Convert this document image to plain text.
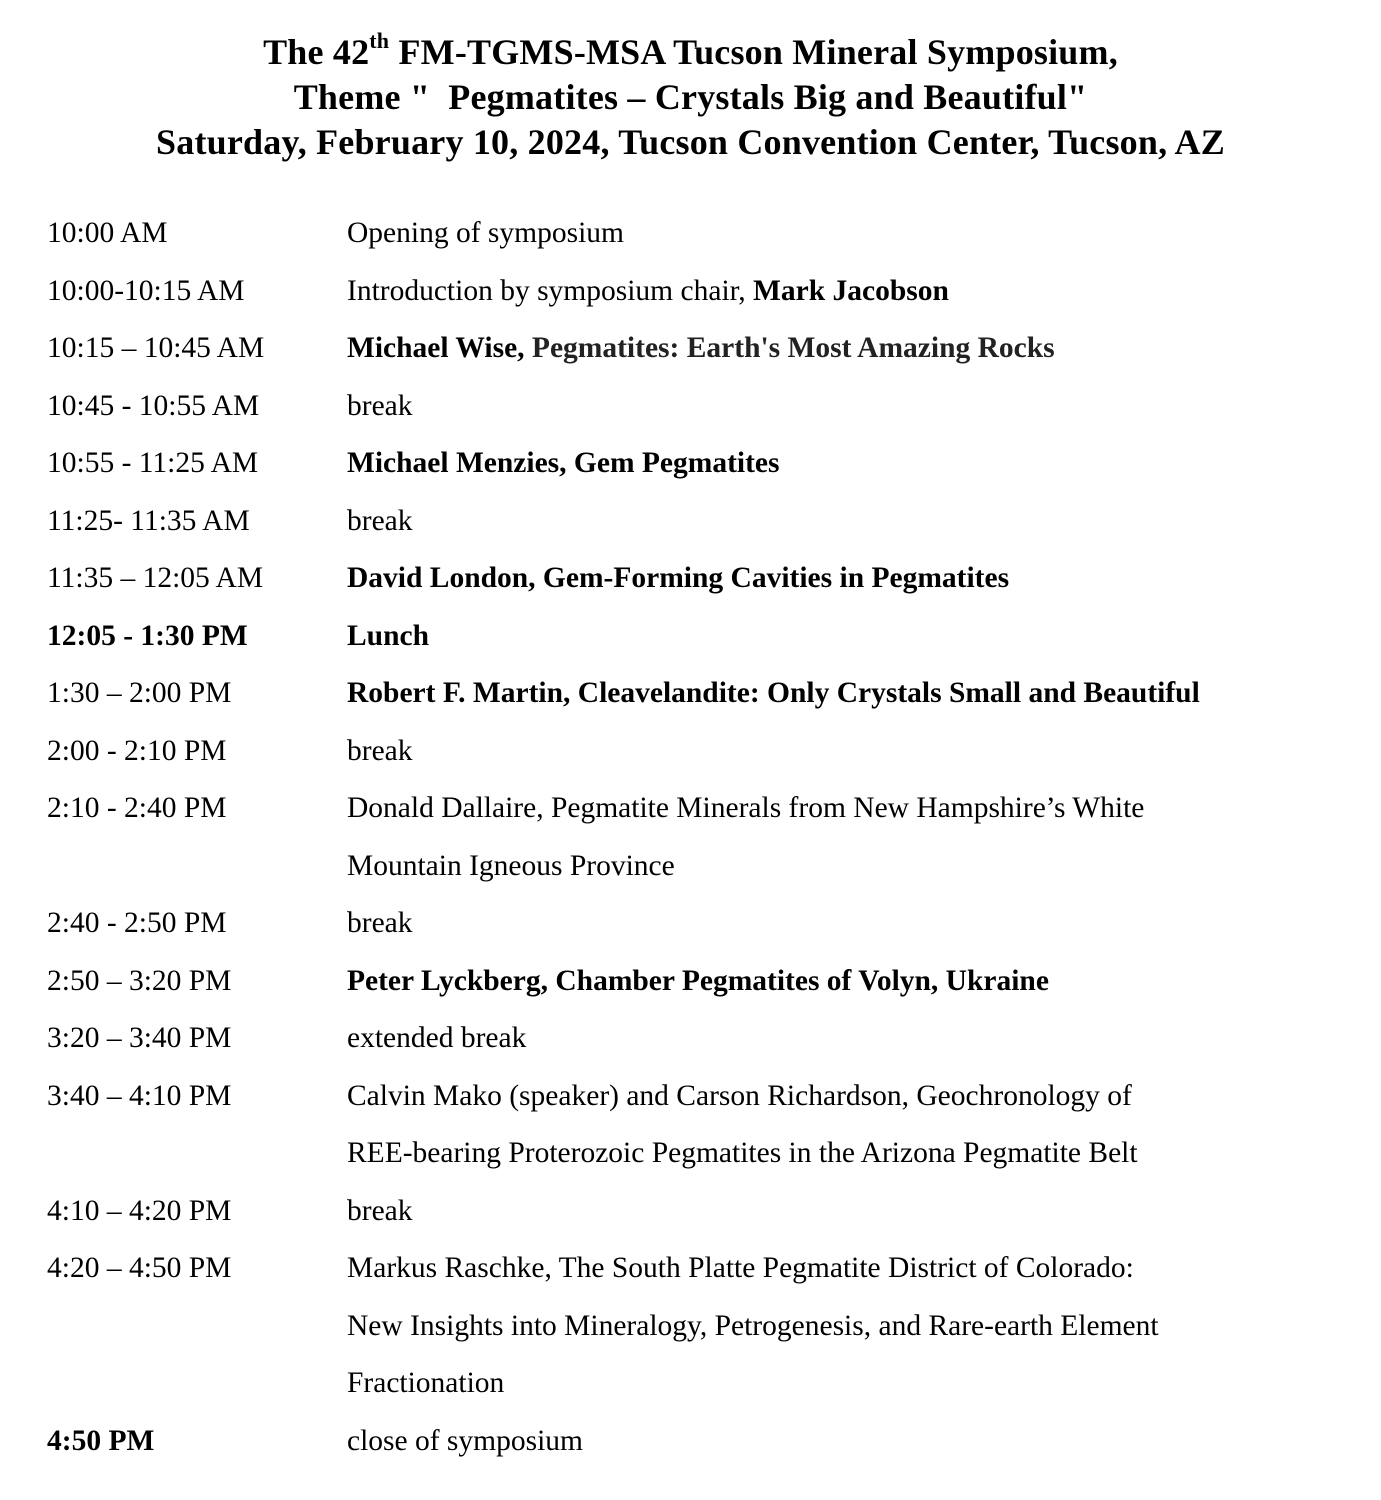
The 42th FM-TGMS-MSA Tucson Mineral Symposium,
Theme " Pegmatites – Crystals Big and Beautiful"
Saturday, February 10, 2024, Tucson Convention Center, Tucson, AZ
10:00 AM	Opening of symposium
10:00-10:15 AM	Introduction by symposium chair, Mark Jacobson
10:15 – 10:45 AM	Michael Wise, Pegmatites: Earth's Most Amazing Rocks
10:45 - 10:55 AM	break
10:55 - 11:25 AM	Michael Menzies, Gem Pegmatites
11:25- 11:35 AM	break
11:35 – 12:05 AM	David London, Gem-Forming Cavities in Pegmatites
12:05 - 1:30 PM	Lunch
1:30 – 2:00 PM	Robert F. Martin, Cleavelandite: Only Crystals Small and Beautiful
2:00 - 2:10 PM	break
2:10 - 2:40 PM	Donald Dallaire, Pegmatite Minerals from New Hampshire’s White
Mountain Igneous Province
2:40 - 2:50 PM	break
2:50 – 3:20 PM	Peter Lyckberg, Chamber Pegmatites of Volyn, Ukraine
3:20 – 3:40 PM	extended break
3:40 – 4:10 PM	Calvin Mako (speaker) and Carson Richardson, Geochronology of
REE-bearing Proterozoic Pegmatites in the Arizona Pegmatite Belt
4:10 – 4:20 PM	break
4:20 – 4:50 PM	Markus Raschke, The South Platte Pegmatite District of Colorado:
New Insights into Mineralogy, Petrogenesis, and Rare-earth Element
Fractionation
4:50 PM	close of symposium
